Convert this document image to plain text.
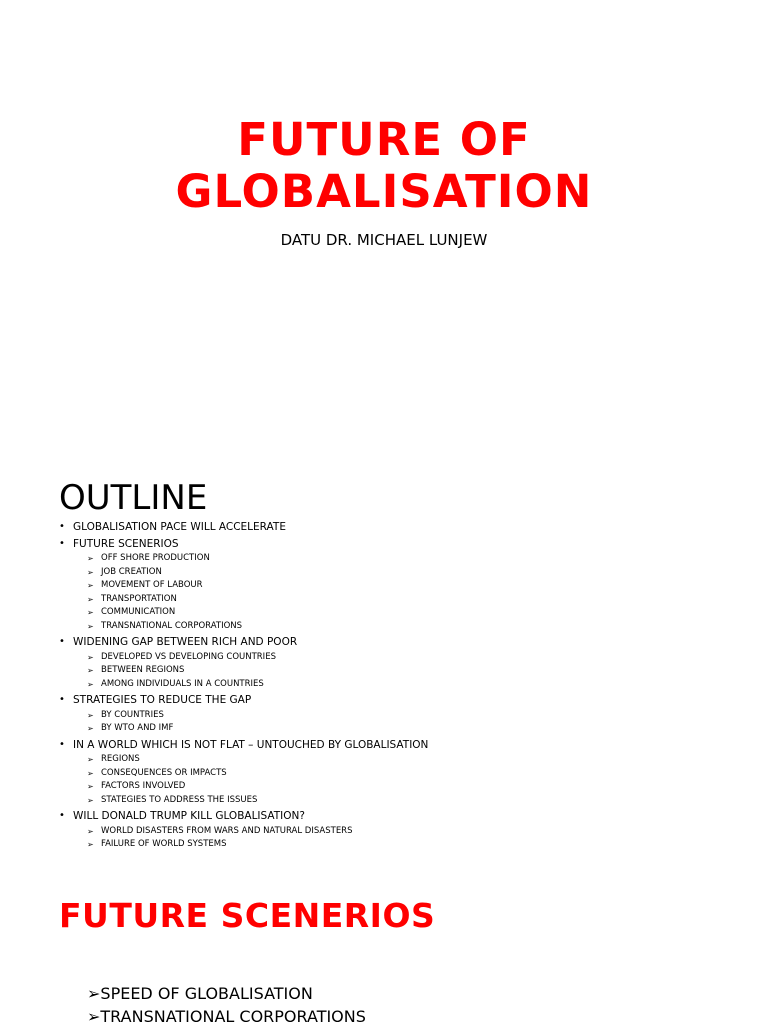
FUTURE OF
GLOBALISATION
DATU DR. MICHAEL LUNJEW
OUTLINE
• GLOBALISATION PACE WILL ACCELERATE
• FUTURE SCENERIOS
➢ OFF SHORE PRODUCTION
➢ JOB CREATION
➢ MOVEMENT OF LABOUR
➢ TRANSPORTATION
➢ COMMUNICATION
➢ TRANSNATIONAL CORPORATIONS
• WIDENING GAP BETWEEN RICH AND POOR
➢ DEVELOPED VS DEVELOPING COUNTRIES
➢ BETWEEN REGIONS
➢ AMONG INDIVIDUALS IN A COUNTRIES
• STRATEGIES TO REDUCE THE GAP
➢ BY COUNTRIES
➢ BY WTO AND IMF
• IN A WORLD WHICH IS NOT FLAT – UNTOUCHED BY GLOBALISATION
➢ REGIONS
➢ CONSEQUENCES OR IMPACTS
➢ FACTORS INVOLVED
➢ STATEGIES TO ADDRESS THE ISSUES
• WILL DONALD TRUMP KILL GLOBALISATION?
➢ WORLD DISASTERS FROM WARS AND NATURAL DISASTERS
➢ FAILURE OF WORLD SYSTEMS
FUTURE SCENERIOS
➢SPEED OF GLOBALISATION
➢TRANSNATIONAL CORPORATIONS
